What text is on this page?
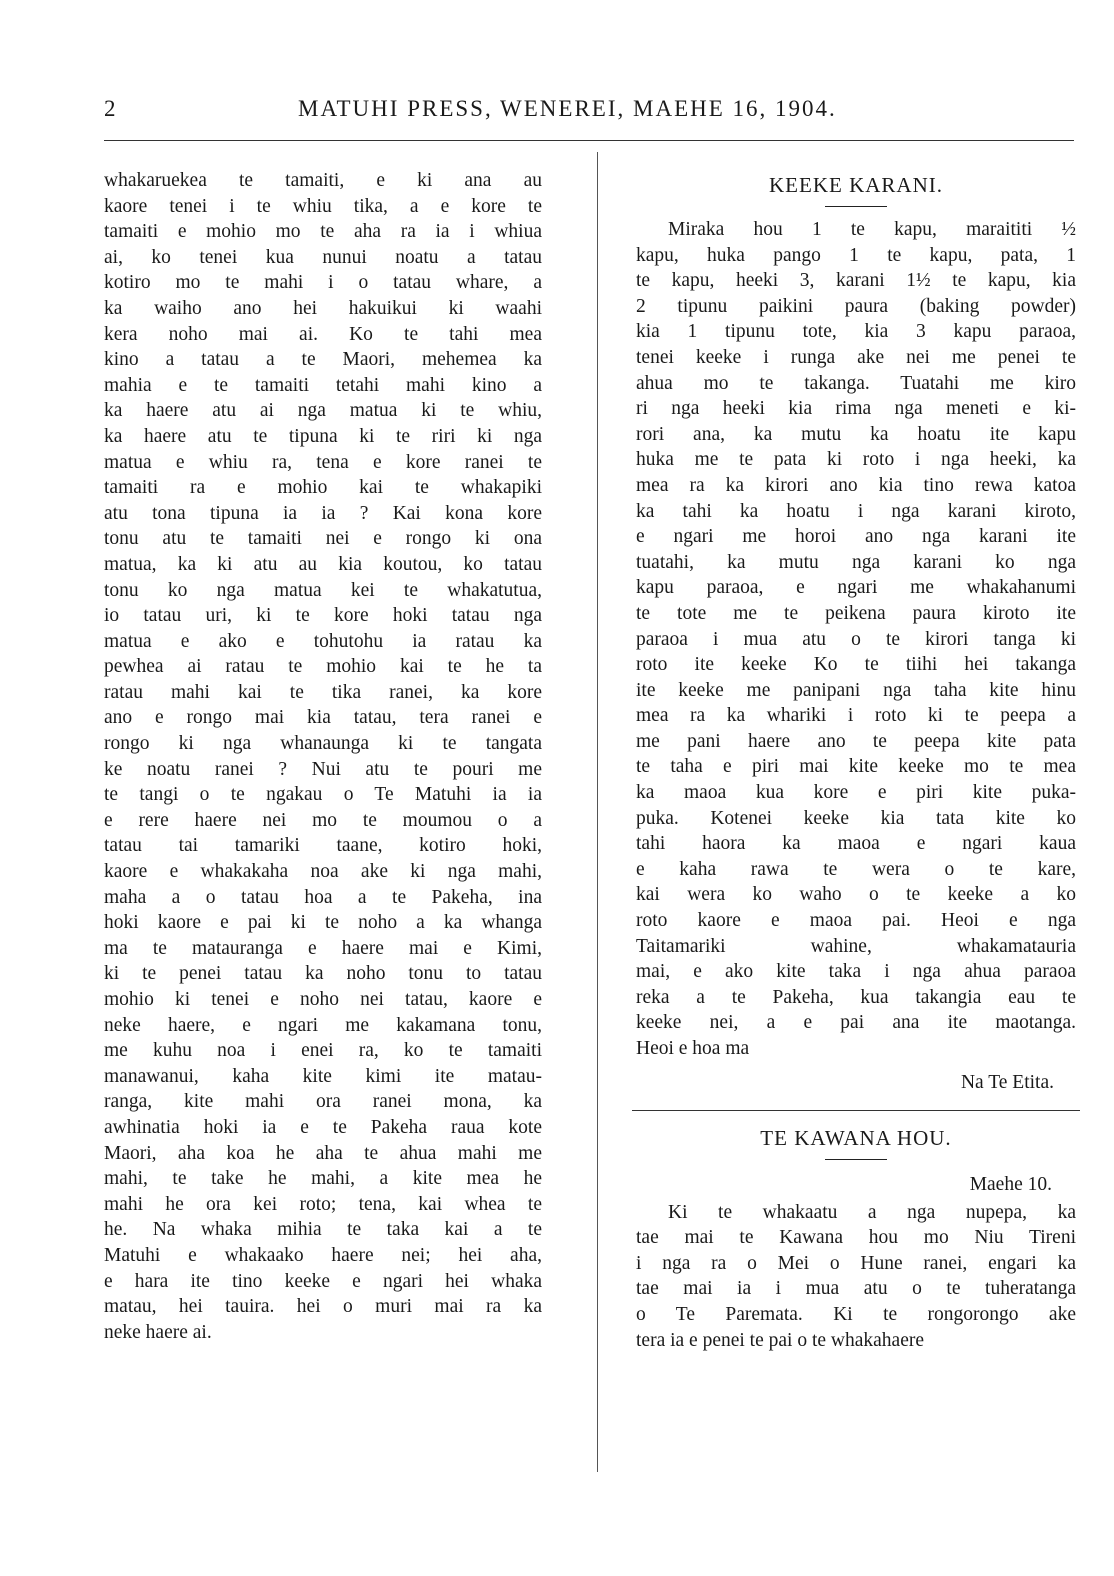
2	MATUHI PRESS, WENEREI, MAEHE 16, 1904.
whakaruekea te tamaiti, e ki ana au
kaore tenei i te whiu tika, a e kore te
tamaiti e mohio mo te aha ra ia i whiua
ai, ko tenei kua nunui noatu a tatau
kotiro mo te mahi i o tatau whare, a
ka waiho ano hei hakuikui ki waahi
kera noho mai ai. Ko te tahi mea
kino a tatau a te Maori, mehemea ka
mahia e te tamaiti tetahi mahi kino a
ka haere atu ai nga matua ki te whiu,
ka haere atu te tipuna ki te riri ki nga
matua e whiu ra, tena e kore ranei te
tamaiti ra e mohio kai te whakapiki
atu tona tipuna ia ia ? Kai kona kore
tonu atu te tamaiti nei e rongo ki ona
matua, ka ki atu au kia koutou, ko tatau
tonu ko nga matua kei te whakatutua,
io tatau uri, ki te kore hoki tatau nga
matua e ako e tohutohu ia ratau ka
pewhea ai ratau te mohio kai te he ta
ratau mahi kai te tika ranei, ka kore
ano e rongo mai kia tatau, tera ranei e
rongo ki nga whanaunga ki te tangata
ke noatu ranei ? Nui atu te pouri me
te tangi o te ngakau o Te Matuhi ia ia
e rere haere nei mo te moumou o a
tatau tai tamariki taane, kotiro hoki,
kaore e whakakaha noa ake ki nga mahi,
maha a o tatau hoa a te Pakeha, ina
hoki kaore e pai ki te noho a ka whanga
ma te matauranga e haere mai e Kimi,
ki te penei tatau ka noho tonu to tatau
mohio ki tenei e noho nei tatau, kaore e
neke haere, e ngari me kakamana tonu,
me kuhu noa i enei ra, ko te tamaiti
manawanui, kaha kite kimi ite matau-
ranga, kite mahi ora ranei mona, ka
awhinatia hoki ia e te Pakeha raua kote
Maori, aha koa he aha te ahua mahi me
mahi, te take he mahi, a kite mea he
mahi he ora kei roto; tena, kai whea te
he. Na whaka mihia te taka kai a te
Matuhi e whakaako haere nei; hei aha,
e hara ite tino keeke e ngari hei whaka
matau, hei tauira. hei o muri mai ra ka
neke haere ai.
KEEKE KARANI.
Miraka hou 1 te kapu, maraititi ½
kapu, huka pango 1 te kapu, pata, 1
te kapu, heeki 3, karani 1½ te kapu, kia
2 tipunu paikini paura (baking powder)
kia 1 tipunu tote, kia 3 kapu paraoa,
tenei keeke i runga ake nei me penei te
ahua mo te takanga. Tuatahi me kiro
ri nga heeki kia rima nga meneti e ki-
rori ana, ka mutu ka hoatu ite kapu
huka me te pata ki roto i nga heeki, ka
mea ra ka kirori ano kia tino rewa katoa
ka tahi ka hoatu i nga karani kiroto,
e ngari me horoi ano nga karani ite
tuatahi, ka mutu nga karani ko nga
kapu paraoa, e ngari me whakahanumi
te tote me te peikena paura kiroto ite
paraoa i mua atu o te kirori tanga ki
roto ite keeke Ko te tiihi hei takanga
ite keeke me panipani nga taha kite hinu
mea ra ka whariki i roto ki te peepa a
me pani haere ano te peepa kite pata
te taha e piri mai kite keeke mo te mea
ka maoa kua kore e piri kite puka-
puka. Kotenei keeke kia tata kite ko
tahi haora ka maoa e ngari kaua
e kaha rawa te wera o te kare,
kai wera ko waho o te keeke a ko
roto kaore e maoa pai. Heoi e nga
Taitamariki wahine, whakamatauria
mai, e ako kite taka i nga ahua paraoa
reka a te Pakeha, kua takangia eau te
keeke nei, a e pai ana ite maotanga.
Heoi e hoa ma
Na Te Etita.
TE KAWANA HOU.
Maehe 10.
Ki te whakaatu a nga nupepa, ka
tae mai te Kawana hou mo Niu Tireni
i nga ra o Mei o Hune ranei, engari ka
tae mai ia i mua atu o te tuheratanga
o Te Paremata. Ki te rongorongo ake
tera ia e penei te pai o te whakahaere
